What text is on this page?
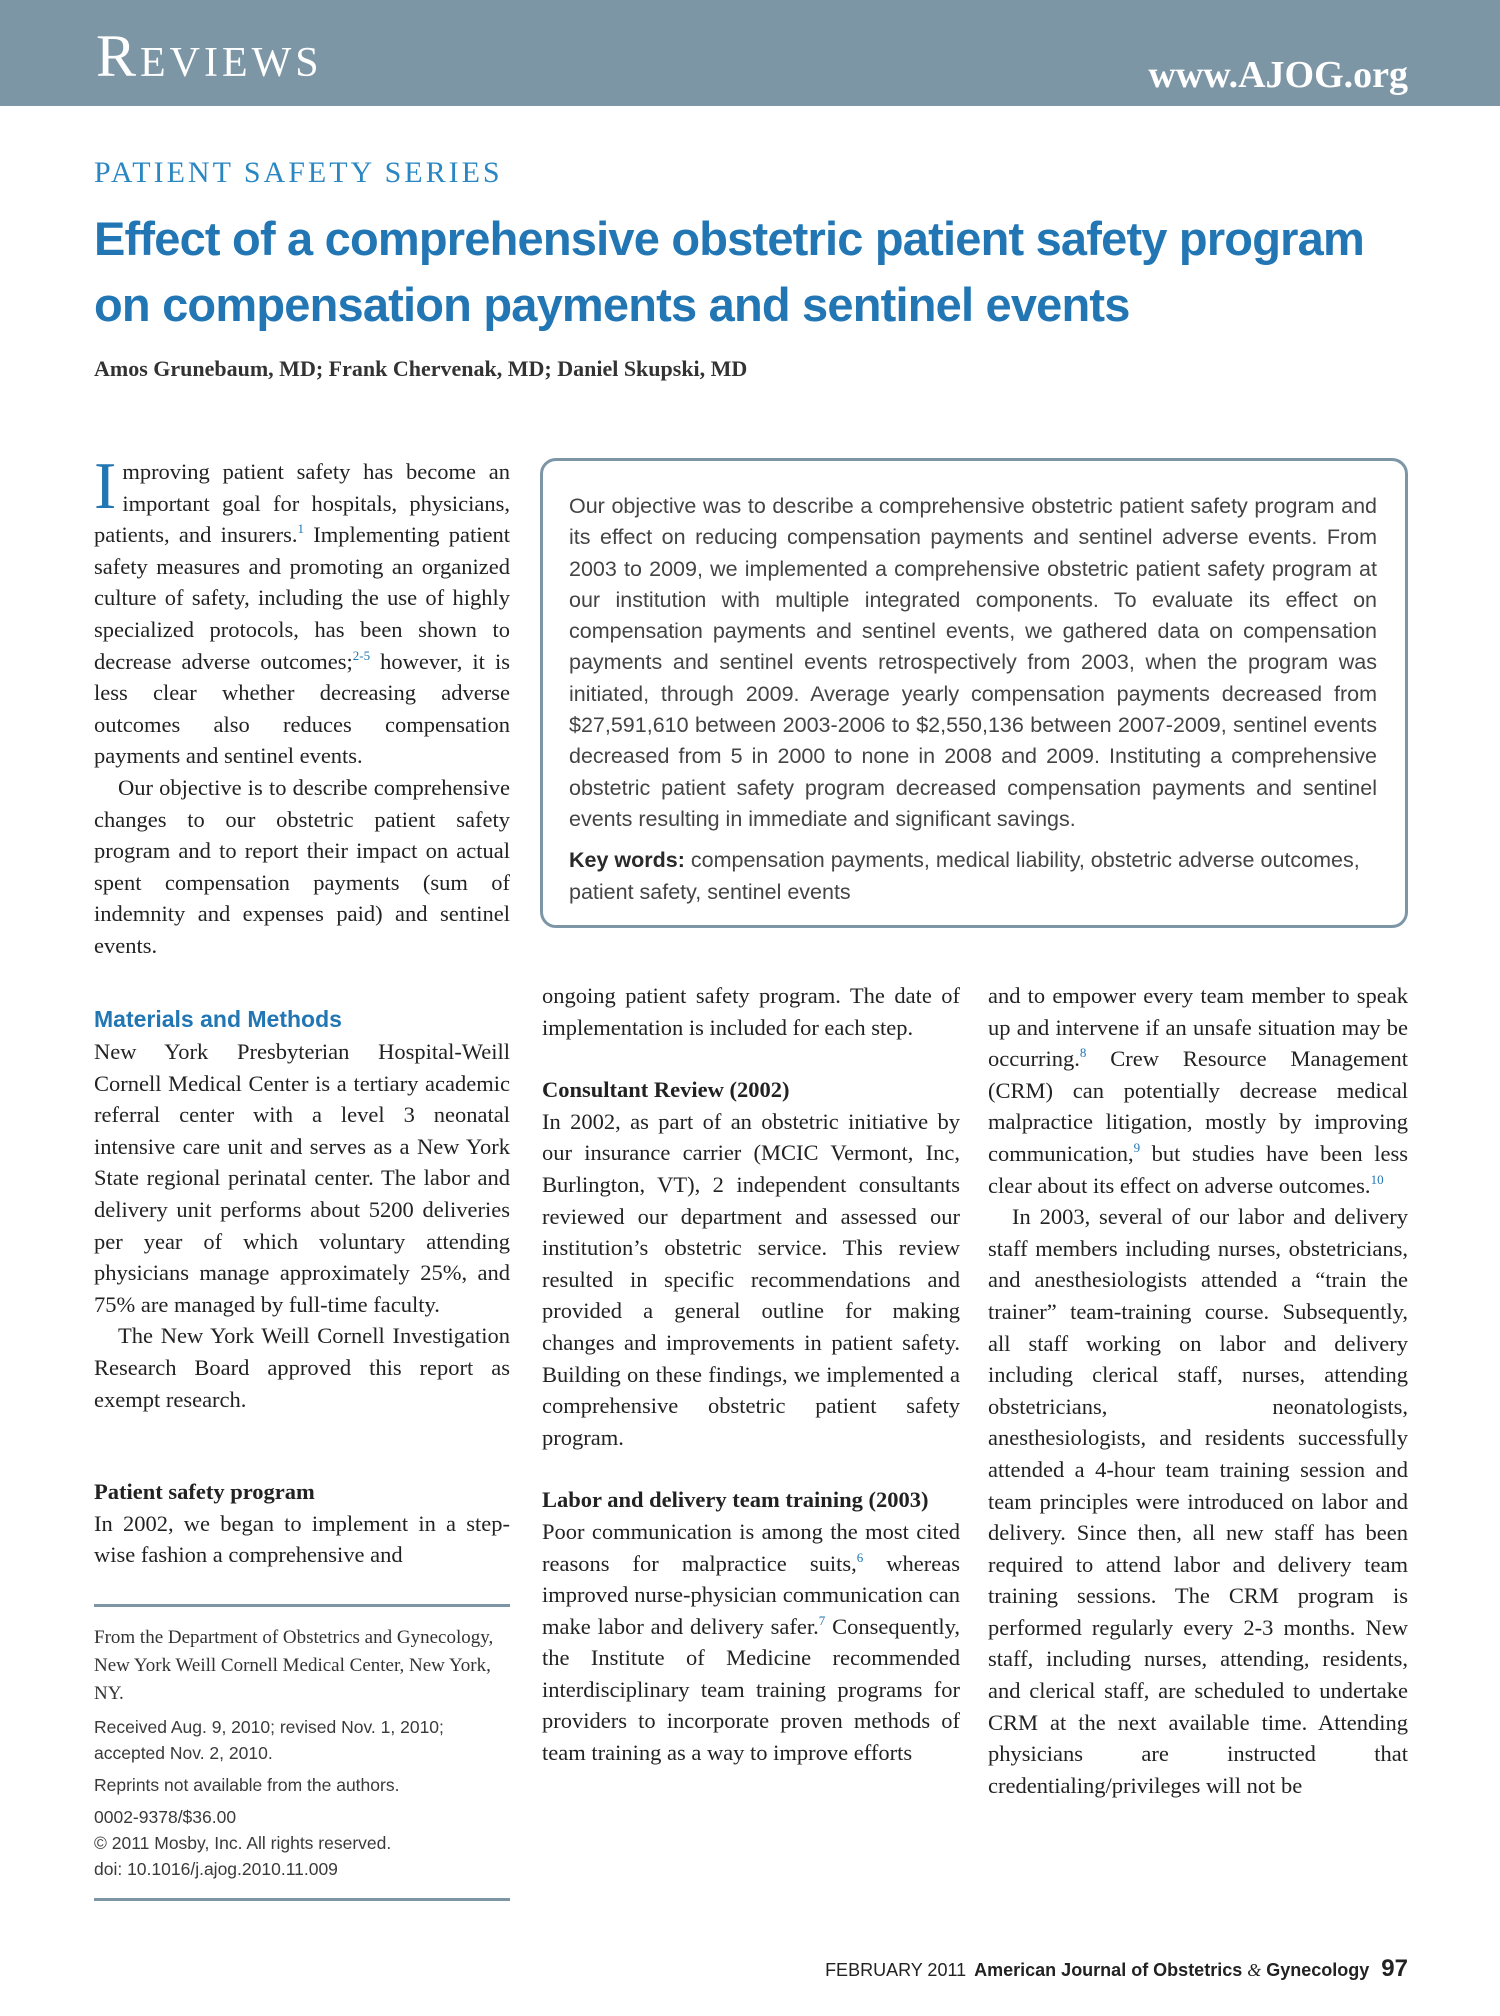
Reviews	www.AJOG.org
PATIENT SAFETY SERIES
Effect of a comprehensive obstetric patient safety program on compensation payments and sentinel events
Amos Grunebaum, MD; Frank Chervenak, MD; Daniel Skupski, MD

Our objective was to describe a comprehensive obstetric patient safety program and its effect on reducing compensation payments and sentinel adverse events. From 2003 to 2009, we implemented a comprehensive obstetric patient safety program at our institution with multiple integrated components. To evaluate its effect on compensation payments and sentinel events, we gathered data on compensation payments and sentinel events retrospectively from 2003, when the program was initiated, through 2009. Average yearly compensation payments decreased from $27,591,610 between 2003-2006 to $2,550,136 between 2007-2009, sentinel events decreased from 5 in 2000 to none in 2008 and 2009. Instituting a comprehensive obstetric patient safety program decreased compensation payments and sentinel events resulting in immediate and significant savings.

Key words: compensation payments, medical liability, obstetric adverse outcomes, patient safety, sentinel events

Improving patient safety has become an important goal for hospitals, physicians, patients, and insurers.$^1$ Implementing patient safety measures and promoting an organized culture of safety, including the use of highly specialized protocols, has been shown to decrease adverse outcomes;$^{2-5}$ however, it is less clear whether decreasing adverse outcomes also reduces compensation payments and sentinel events.

Our objective is to describe comprehensive changes to our obstetric patient safety program and to report their impact on actual spent compensation payments (sum of indemnity and expenses paid) and sentinel events.

Materials and Methods

New York Presbyterian Hospital-Weill Cornell Medical Center is a tertiary academic referral center with a level 3 neonatal intensive care unit and serves as a New York State regional perinatal center. The labor and delivery unit performs about 5200 deliveries per year of which voluntary attending physicians manage approximately 25%, and 75% are managed by full-time faculty.

The New York Weill Cornell Investigation Research Board approved this report as exempt research.

Patient safety program

In 2002, we began to implement in a step-wise fashion a comprehensive and

From the Department of Obstetrics and Gynecology, New York Weill Cornell Medical Center, New York, NY.

Received Aug. 9, 2010; revised Nov. 1, 2010; accepted Nov. 2, 2010.

Reprints not available from the authors.

0002-9378/$36.00

© 2011 Mosby, Inc. All rights reserved.

doi: 10.1016/j.ajog.2010.11.009

ongoing patient safety program. The date of implementation is included for each step.

Consultant Review (2002)

In 2002, as part of an obstetric initiative by our insurance carrier (MCIC Vermont, Inc, Burlington, VT), 2 independent consultants reviewed our department and assessed our institution’s obstetric service. This review resulted in specific recommendations and provided a general outline for making changes and improvements in patient safety. Building on these findings, we implemented a comprehensive obstetric patient safety program.

Labor and delivery team training (2003)

Poor communication is among the most cited reasons for malpractice suits,$^6$ whereas improved nurse-physician communication can make labor and delivery safer.$^7$ Consequently, the Institute of Medicine recommended interdisciplinary team training programs for providers to incorporate proven methods of team training as a way to improve efforts

and to empower every team member to speak up and intervene if an unsafe situation may be occurring.$^8$ Crew Resource Management (CRM) can potentially decrease medical malpractice litigation, mostly by improving communication,$^9$ but studies have been less clear about its effect on adverse outcomes.$^{10}$

In 2003, several of our labor and delivery staff members including nurses, obstetricians, and anesthesiologists attended a “train the trainer” team-training course. Subsequently, all staff working on labor and delivery including clerical staff, nurses, attending obstetricians, neonatologists, anesthesiologists, and residents successfully attended a 4-hour team training session and team principles were introduced on labor and delivery. Since then, all new staff has been required to attend labor and delivery team training sessions. The CRM program is performed regularly every 2-3 months. New staff, including nurses, attending, residents, and clerical staff, are scheduled to undertake CRM at the next available time. Attending physicians are instructed that credentialing/privileges will not be

FEBRUARY 2011 American Journal of Obstetrics & Gynecology 97
